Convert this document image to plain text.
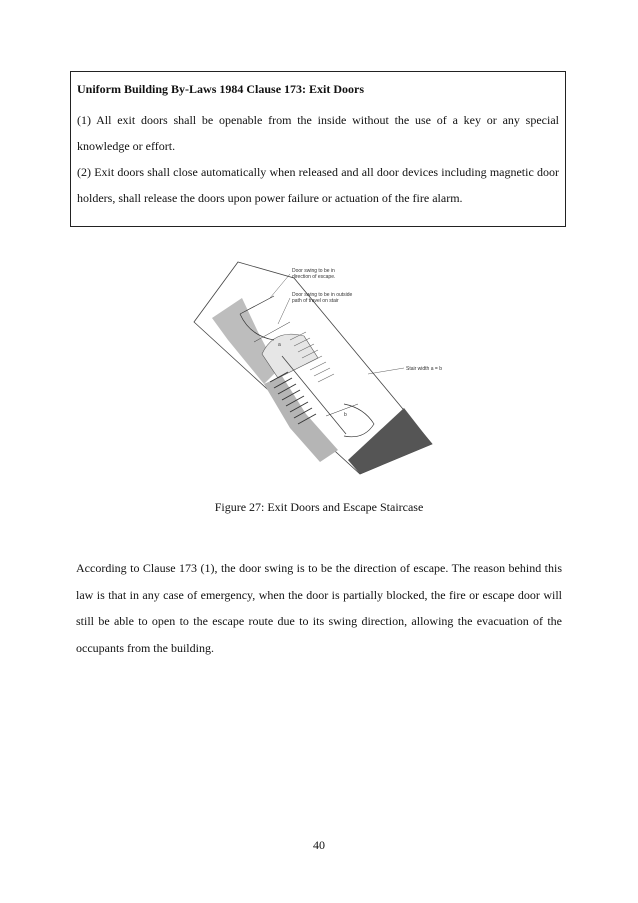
Uniform Building By-Laws 1984 Clause 173: Exit Doors

(1) All exit doors shall be openable from the inside without the use of a key or any special knowledge or effort.

(2) Exit doors shall close automatically when released and all door devices including magnetic door holders, shall release the doors upon power failure or actuation of the fire alarm.

a
b
Door swing to be in
direction of escape.
Door swing to be in outside
path of travel on stair
Stair width a = b
Figure 27: Exit Doors and Escape Staircase

According to Clause 173 (1), the door swing is to be the direction of escape. The reason behind this law is that in any case of emergency, when the door is partially blocked, the fire or escape door will still be able to open to the escape route due to its swing direction, allowing the evacuation of the occupants from the building.

40
